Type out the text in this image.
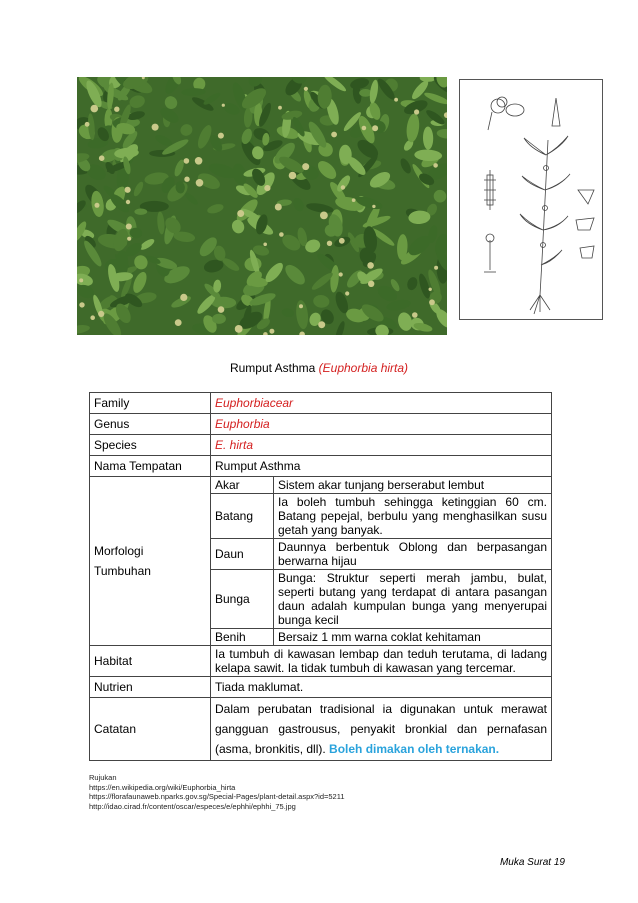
Rumput Asthma (Euphorbia hirta)
Family	Euphorbiacear	
Genus	Euphorbia	
Species	E. hirta	
Nama Tempatan	Rumput Asthma	

Morfologi
Tumbuhan	Akar	Sistem akar tunjang berserabut lembut
	Batang	Ia boleh tumbuh sehingga ketinggian 60 cm. Batang pepejal, berbulu yang menghasilkan susu getah yang banyak.
	Daun	Daunnya berbentuk Oblong dan berpasangan berwarna hijau
	Bunga	Bunga: Struktur seperti merah jambu, bulat, seperti butang yang terdapat di antara pasangan daun adalah kumpulan bunga yang menyerupai bunga kecil
	Benih	Bersaiz 1 mm warna coklat kehitaman
Habitat	Ia tumbuh di kawasan lembap dan teduh terutama, di ladang kelapa sawit. Ia tidak tumbuh di kawasan yang tercemar.	
Nutrien	Tiada maklumat.	
Catatan	Dalam perubatan tradisional ia digunakan untuk merawat gangguan gastrousus, penyakit bronkial dan pernafasan (asma, bronkitis, dll). Boleh dimakan oleh ternakan.	
Rujukan
https://en.wikipedia.org/wiki/Euphorbia_hirta
https://florafaunaweb.nparks.gov.sg/Special-Pages/plant-detail.aspx?id=5211
http://idao.cirad.fr/content/oscar/especes/e/ephhi/ephhi_75.jpg
Muka Surat 19
